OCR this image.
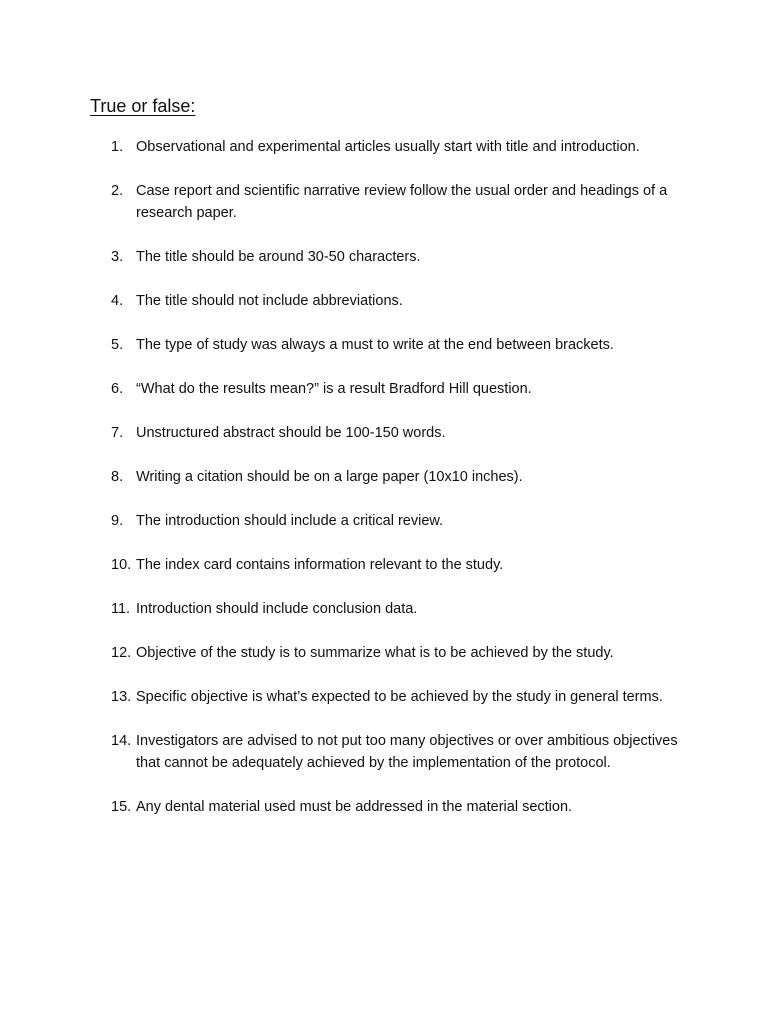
True or false:
1. Observational and experimental articles usually start with title and introduction.
2. Case report and scientific narrative review follow the usual order and headings of a research paper.
3. The title should be around 30-50 characters.
4. The title should not include abbreviations.
5. The type of study was always a must to write at the end between brackets.
6. “What do the results mean?” is a result Bradford Hill question.
7. Unstructured abstract should be 100-150 words.
8. Writing a citation should be on a large paper (10x10 inches).
9. The introduction should include a critical review.
10. The index card contains information relevant to the study.
11. Introduction should include conclusion data.
12. Objective of the study is to summarize what is to be achieved by the study.
13. Specific objective is what’s expected to be achieved by the study in general terms.
14. Investigators are advised to not put too many objectives or over ambitious objectives that cannot be adequately achieved by the implementation of the protocol.
15. Any dental material used must be addressed in the material section.
